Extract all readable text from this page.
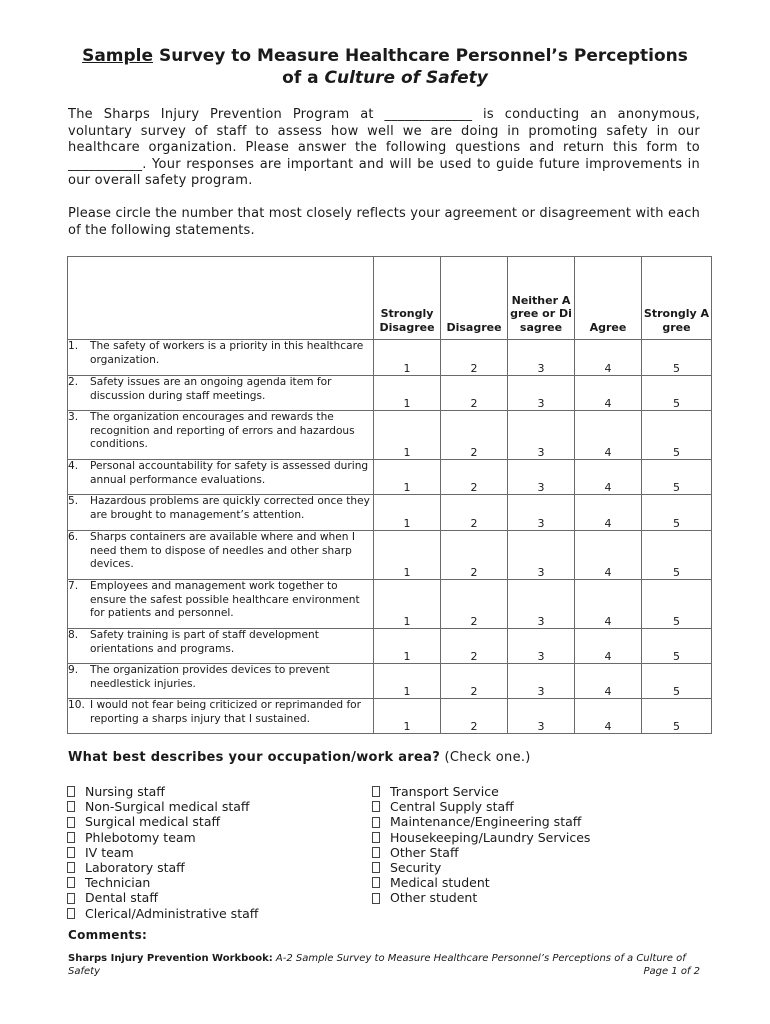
Sample Survey to Measure Healthcare Personnel’s Perceptions
of a Culture of Safety
The Sharps Injury Prevention Program at _____________ is conducting an anonymous, voluntary survey of staff to assess how well we are doing in promoting safety in our healthcare organization. Please answer the following questions and return this form to ___________. Your responses are important and will be used to guide future improvements in our overall safety program.
Please circle the number that most closely reflects your agreement or disagreement with each of the following statements.
	Strongly Disagree	Disagree	Neither Agree or Disagree	Agree	Strongly Agree

1. The safety of workers is a priority in this healthcare organization.	1	2	3	4	5

2. Safety issues are an ongoing agenda item for discussion during staff meetings.	1	2	3	4	5

3. The organization encourages and rewards the recognition and reporting of errors and hazardous conditions.	1	2	3	4	5

4. Personal accountability for safety is assessed during annual performance evaluations.	1	2	3	4	5

5. Hazardous problems are quickly corrected once they are brought to management’s attention.	1	2	3	4	5

6. Sharps containers are available where and when I need them to dispose of needles and other sharp devices.	1	2	3	4	5

7. Employees and management work together to ensure the safest possible healthcare environment for patients and personnel.	1	2	3	4	5

8. Safety training is part of staff development orientations and programs.	1	2	3	4	5

9. The organization provides devices to prevent needlestick injuries.	1	2	3	4	5

10. I would not fear being criticized or reprimanded for reporting a sharps injury that I sustained.	1	2	3	4	5
What best describes your occupation/work area? (Check one.)
Nursing staff
Non-Surgical medical staff
Surgical medical staff
Phlebotomy team
IV team
Laboratory staff
Technician
Dental staff
Clerical/Administrative staff
Transport Service
Central Supply staff
Maintenance/Engineering staff
Housekeeping/Laundry Services
Other Staff
Security
Medical student
Other student
Comments:
Sharps Injury Prevention Workbook: A-2 Sample Survey to Measure Healthcare Personnel’s Perceptions of a Culture of
Safety	Page 1 of 2
